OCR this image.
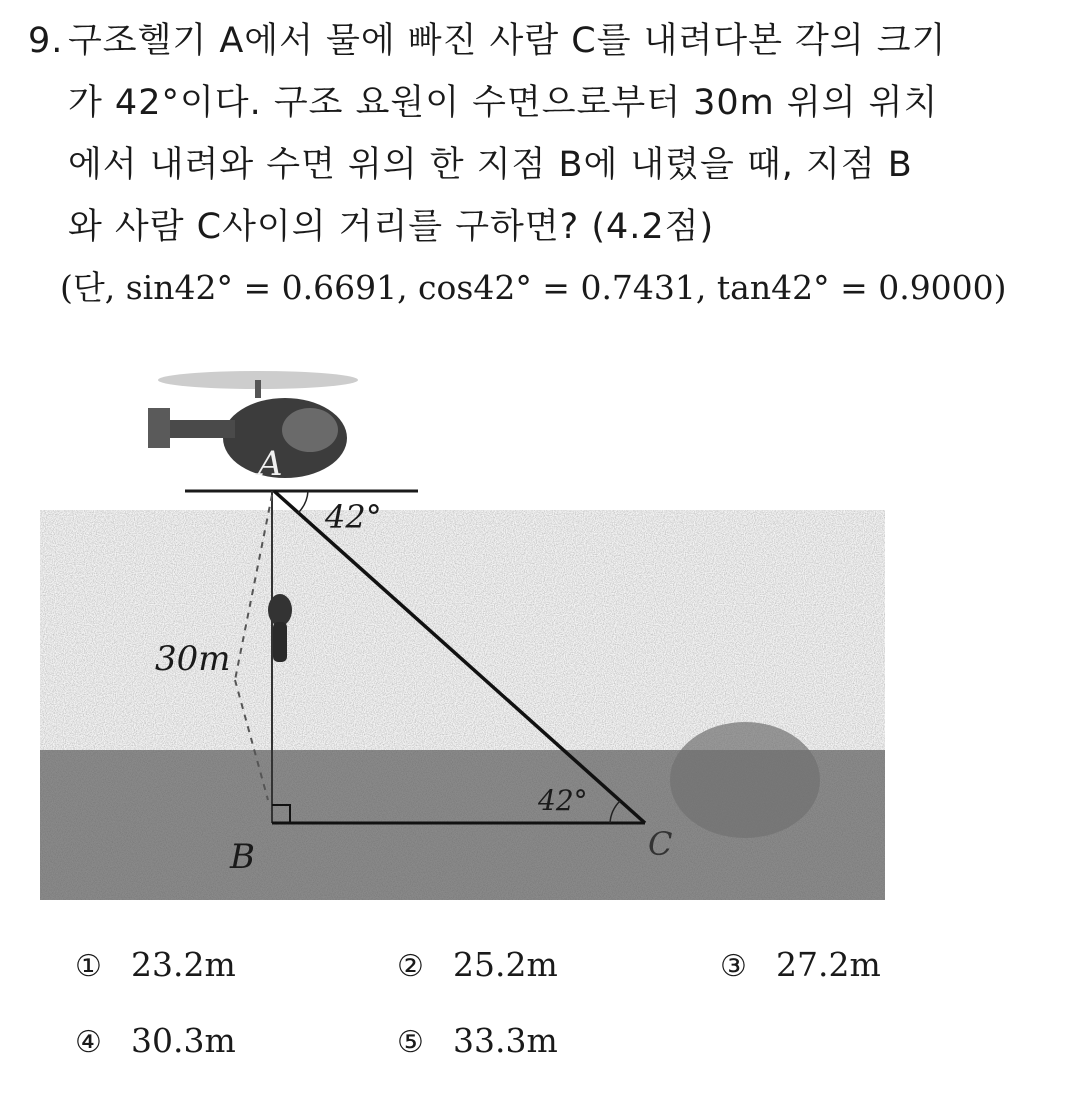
9. 구조헬기 A에서 물에 빠진 사람 C를 내려다본 각의 크기
가 42°이다. 구조 요원이 수면으로부터 30m 위의 위치
에서 내려와 수면 위의 한 지점 B에 내렸을 때, 지점 B
와 사람 C사이의 거리를 구하면? (4.2점)
(단, sin42° = 0.6691, cos42° = 0.7431, tan42° = 0.9000)
A
42°
30m
42°
B	C
① 23.2m	② 25.2m	③ 27.2m
④ 30.3m	⑤ 33.3m
